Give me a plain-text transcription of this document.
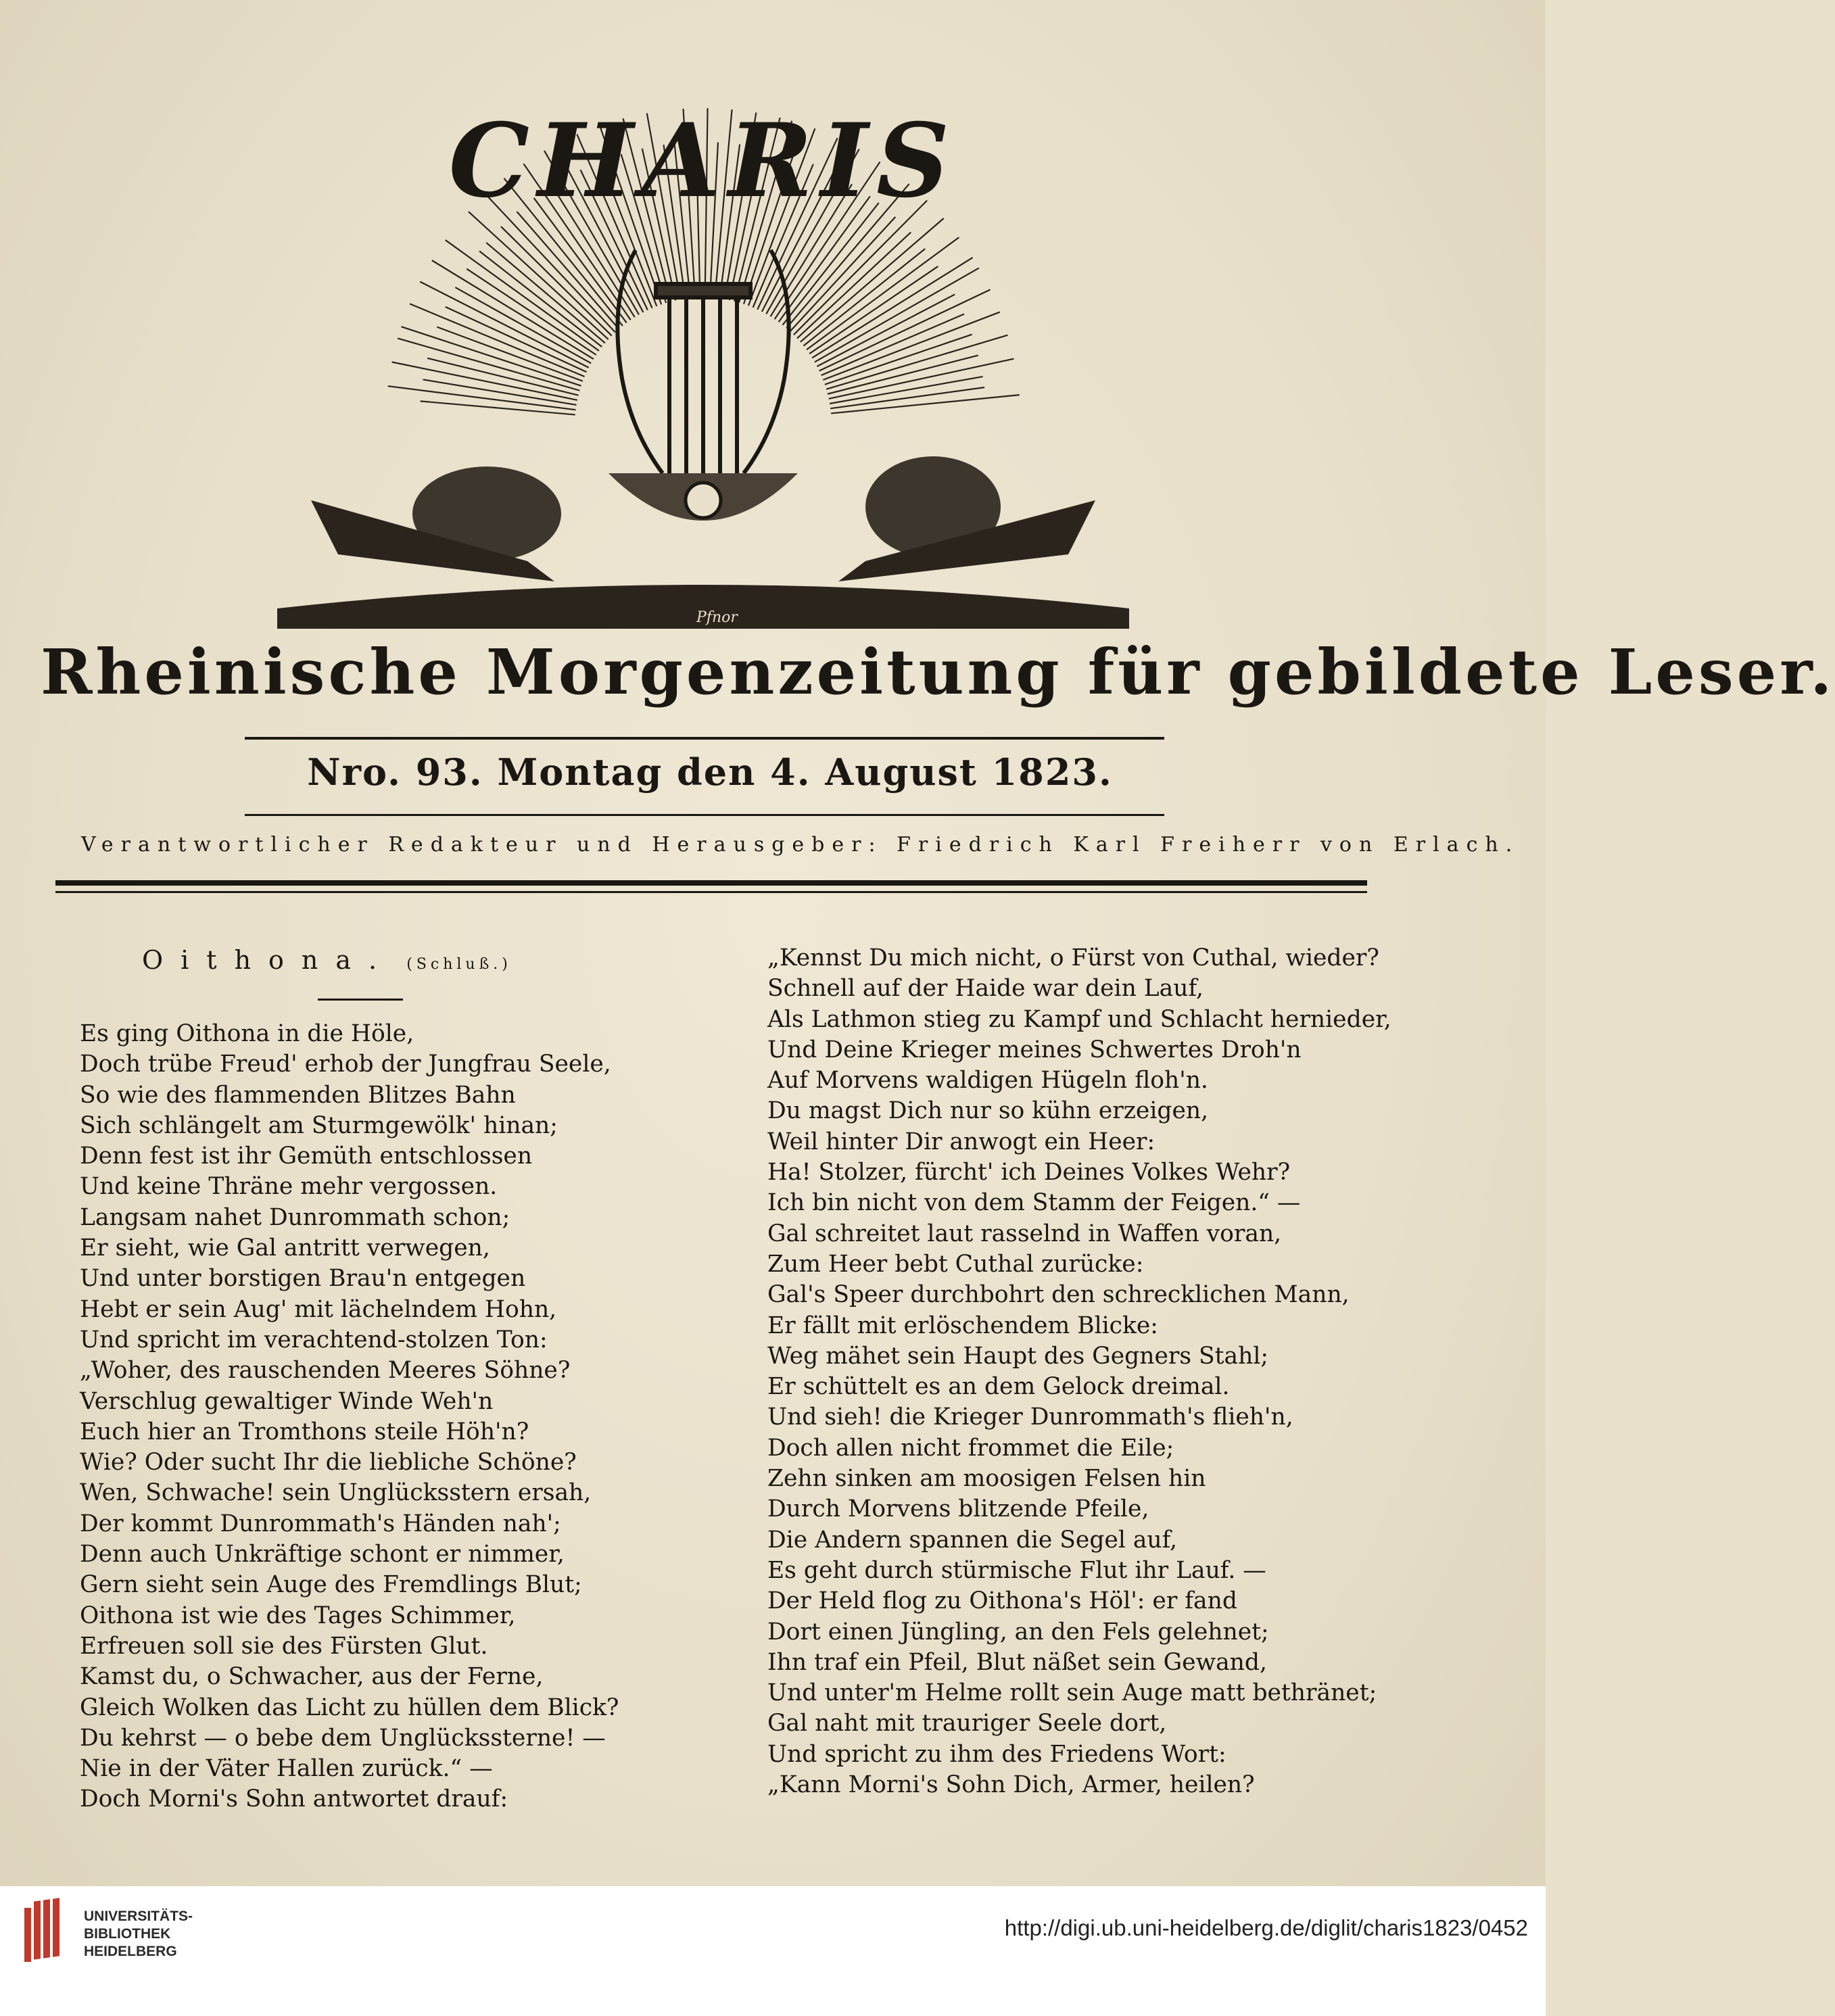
CHARIS
Pfnor
Rheinische Morgenzeitung für gebildete Leser.
Nro. 93. Montag den 4. August 1823.
Verantwortlicher Redakteur und Herausgeber: Friedrich Karl Freiherr von Erlach.
Oithona. (Schluß.)
Es ging Oithona in die Höle,
Doch trübe Freud' erhob der Jungfrau Seele,
So wie des flammenden Blitzes Bahn
Sich schlängelt am Sturmgewölk' hinan;
Denn fest ist ihr Gemüth entschlossen
Und keine Thräne mehr vergossen.
Langsam nahet Dunrommath schon;
Er sieht, wie Gal antritt verwegen,
Und unter borstigen Brau'n entgegen
Hebt er sein Aug' mit lächelndem Hohn,
Und spricht im verachtend-stolzen Ton:
„Woher, des rauschenden Meeres Söhne?
Verschlug gewaltiger Winde Weh'n
Euch hier an Tromthons steile Höh'n?
Wie? Oder sucht Ihr die liebliche Schöne?
Wen, Schwache! sein Unglücksstern ersah,
Der kommt Dunrommath's Händen nah';
Denn auch Unkräftige schont er nimmer,
Gern sieht sein Auge des Fremdlings Blut;
Oithona ist wie des Tages Schimmer,
Erfreuen soll sie des Fürsten Glut.
Kamst du, o Schwacher, aus der Ferne,
Gleich Wolken das Licht zu hüllen dem Blick?
Du kehrst — o bebe dem Unglückssterne! —
Nie in der Väter Hallen zurück.“ —
Doch Morni's Sohn antwortet drauf:
„Kennst Du mich nicht, o Fürst von Cuthal, wieder?
Schnell auf der Haide war dein Lauf,
Als Lathmon stieg zu Kampf und Schlacht hernieder,
Und Deine Krieger meines Schwertes Droh'n
Auf Morvens waldigen Hügeln floh'n.
Du magst Dich nur so kühn erzeigen,
Weil hinter Dir anwogt ein Heer:
Ha! Stolzer, fürcht' ich Deines Volkes Wehr?
Ich bin nicht von dem Stamm der Feigen.“ —
Gal schreitet laut rasselnd in Waffen voran,
Zum Heer bebt Cuthal zurücke:
Gal's Speer durchbohrt den schrecklichen Mann,
Er fällt mit erlöschendem Blicke:
Weg mähet sein Haupt des Gegners Stahl;
Er schüttelt es an dem Gelock dreimal.
Und sieh! die Krieger Dunrommath's flieh'n,
Doch allen nicht frommet die Eile;
Zehn sinken am moosigen Felsen hin
Durch Morvens blitzende Pfeile,
Die Andern spannen die Segel auf,
Es geht durch stürmische Flut ihr Lauf. —
Der Held flog zu Oithona's Höl': er fand
Dort einen Jüngling, an den Fels gelehnet;
Ihn traf ein Pfeil, Blut näßet sein Gewand,
Und unter'm Helme rollt sein Auge matt bethränet;
Gal naht mit trauriger Seele dort,
Und spricht zu ihm des Friedens Wort:
„Kann Morni's Sohn Dich, Armer, heilen?
UNIVERSITÄTS-
BIBLIOTHEK
HEIDELBERG
http://digi.ub.uni-heidelberg.de/diglit/charis1823/0452
